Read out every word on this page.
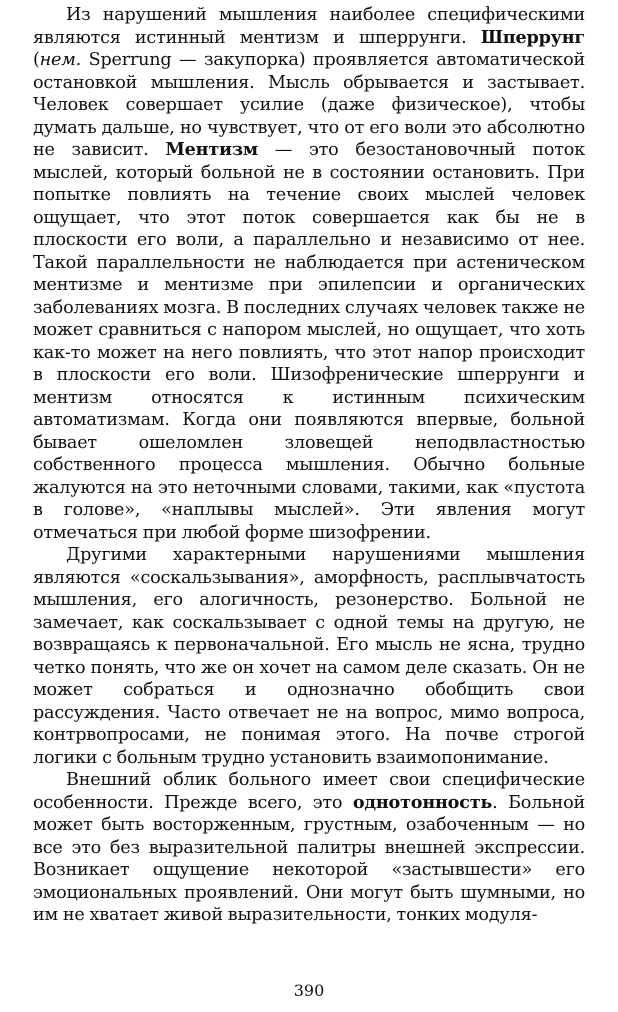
Из нарушений мышления наиболее специфическими являются истинный ментизм и шперрунги. Шперрунг (нем. Sperrung — закупорка) проявляется автоматической остановкой мышления. Мысль обрывается и застывает. Человек совершает усилие (даже физическое), чтобы думать дальше, но чувствует, что от его воли это абсолютно не зависит. Ментизм — это безостановочный поток мыслей, который больной не в состоянии остановить. При попытке повлиять на течение своих мыслей человек ощущает, что этот поток совершается как бы не в плоскости его воли, а параллельно и независимо от нее. Такой параллельности не наблюдается при астеническом ментизме и ментизме при эпилепсии и органических заболеваниях мозга. В последних случаях человек также не может сравниться с напором мыслей, но ощущает, что хоть как-то может на него повлиять, что этот напор происходит в плоскости его воли. Шизофренические шперрунги и ментизм относятся к истинным психическим автоматизмам. Когда они появляются впервые, больной бывает ошеломлен зловещей неподвластностью собственного процесса мышления. Обычно больные жалуются на это неточными словами, такими, как «пустота в голове», «наплывы мыслей». Эти явления могут отмечаться при любой форме шизофрении.

Другими характерными нарушениями мышления являются «соскальзывания», аморфность, расплывчатость мышления, его алогичность, резонерство. Больной не замечает, как соскальзывает с одной темы на другую, не возвращаясь к первоначальной. Его мысль не ясна, трудно четко понять, что же он хочет на самом деле сказать. Он не может собраться и однозначно обобщить свои рассуждения. Часто отвечает не на вопрос, мимо вопроса, контрвопросами, не понимая этого. На почве строгой логики с больным трудно установить взаимопонимание.

Внешний облик больного имеет свои специфические особенности. Прежде всего, это однотонность. Больной может быть восторженным, грустным, озабоченным — но все это без выразительной палитры внешней экспрессии. Возникает ощущение некоторой «застывшести» его эмоциональных проявлений. Они могут быть шумными, но им не хватает живой выразительности, тонких модуля-

390
